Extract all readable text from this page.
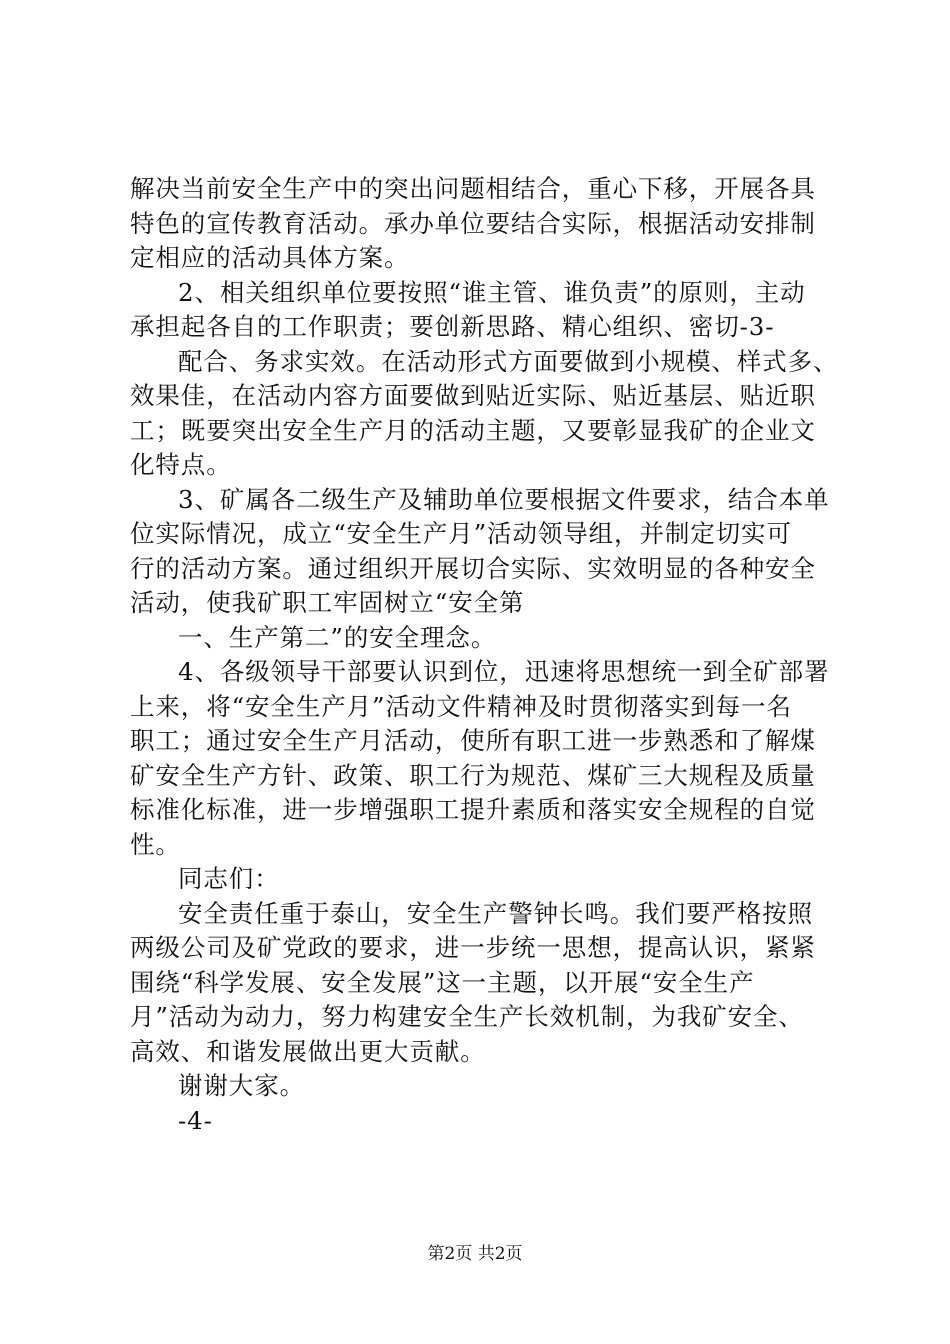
解决当前安全生产中的突出问题相结合，重心下移，开展各具
特色的宣传教育活动。承办单位要结合实际，根据活动安排制
定相应的活动具体方案。
2、相关组织单位要按照“谁主管、谁负责”的原则，主动
承担起各自的工作职责；要创新思路、精心组织、密切-3-
配合、务求实效。在活动形式方面要做到小规模、样式多、
效果佳，在活动内容方面要做到贴近实际、贴近基层、贴近职
工；既要突出安全生产月的活动主题，又要彰显我矿的企业文
化特点。
3、矿属各二级生产及辅助单位要根据文件要求，结合本单
位实际情况，成立“安全生产月”活动领导组，并制定切实可
行的活动方案。通过组织开展切合实际、实效明显的各种安全
活动，使我矿职工牢固树立“安全第
一、生产第二”的安全理念。
4、各级领导干部要认识到位，迅速将思想统一到全矿部署
上来，将“安全生产月”活动文件精神及时贯彻落实到每一名
职工；通过安全生产月活动，使所有职工进一步熟悉和了解煤
矿安全生产方针、政策、职工行为规范、煤矿三大规程及质量
标准化标准，进一步增强职工提升素质和落实安全规程的自觉
性。
同志们：
安全责任重于泰山，安全生产警钟长鸣。我们要严格按照
两级公司及矿党政的要求，进一步统一思想，提高认识，紧紧
围绕“科学发展、安全发展”这一主题，以开展“安全生产
月”活动为动力，努力构建安全生产长效机制，为我矿安全、
高效、和谐发展做出更大贡献。
谢谢大家。
-4-
第2页 共2页
